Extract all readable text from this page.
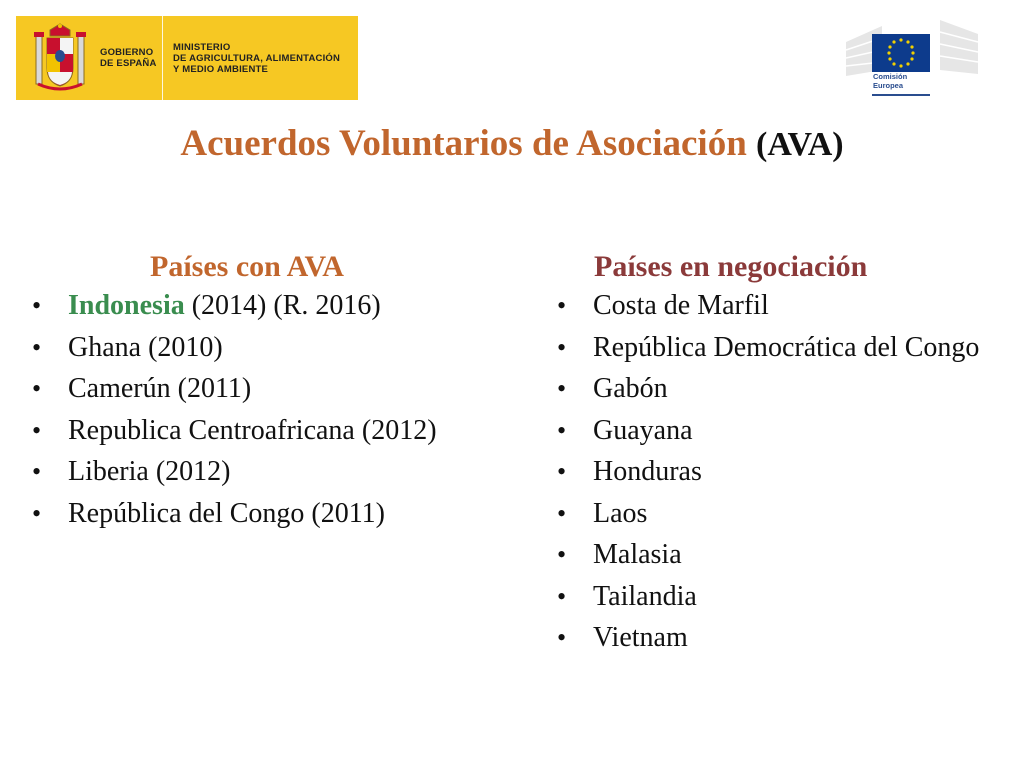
GOBIERNO
DE ESPAÑA
MINISTERIO
DE AGRICULTURA, ALIMENTACIÓN
Y MEDIO AMBIENTE
Comisión
Europea
Acuerdos Voluntarios de Asociación (AVA)
Países con AVA
• Indonesia (2014) (R. 2016)
• Ghana (2010)
• Camerún (2011)
• Republica Centroafricana (2012)
• Liberia (2012)
• República del Congo (2011)
Países en negociación
• Costa de Marfil
• República Democrática del Congo
• Gabón
• Guayana
• Honduras
• Laos
• Malasia
• Tailandia
• Vietnam
